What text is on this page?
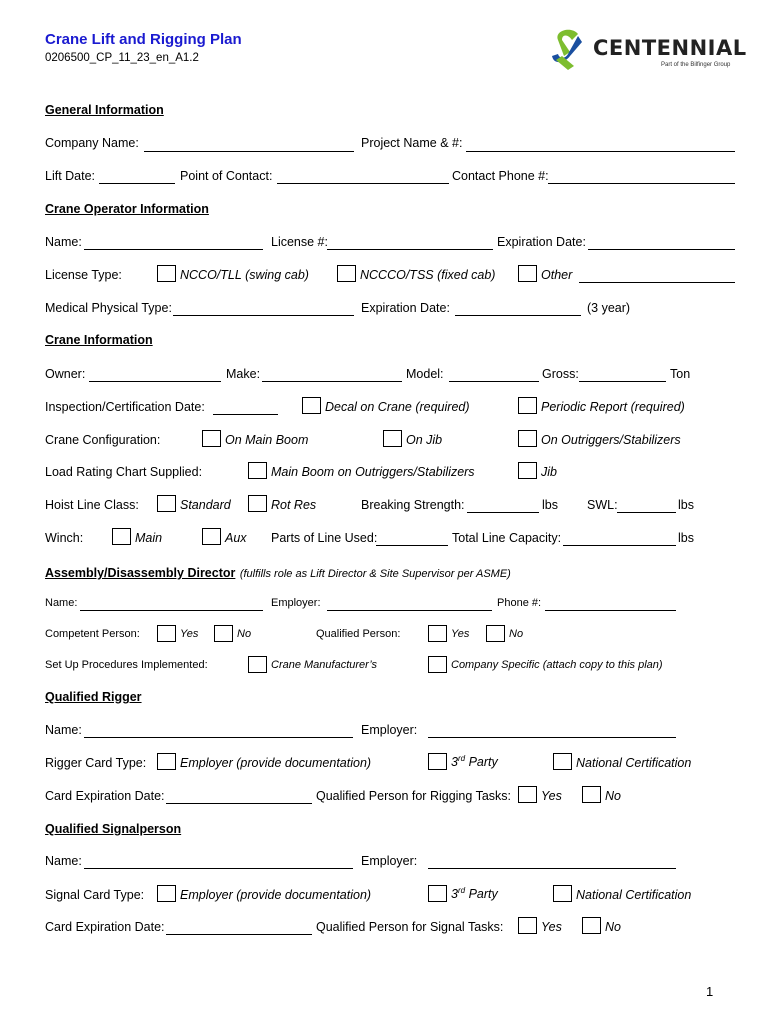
Crane Lift and Rigging Plan
0206500_CP_11_23_en_A1.2	CENTENNIAL
Part of the Bilfinger Group
General Information
Company Name:	Project Name & #:
Lift Date:	Point of Contact:	Contact Phone #:
Crane Operator Information
Name:	License #:	Expiration Date:
License Type:	NCCO/TLL (swing cab)	NCCCO/TSS (fixed cab)	Other
Medical Physical Type:	Expiration Date:	(3 year)
Crane Information
Owner:	Make:	Model:	Gross:	Ton
Inspection/Certification Date:	Decal on Crane (required)	Periodic Report (required)
Crane Configuration:	On Main Boom	On Jib	On Outriggers/Stabilizers
Load Rating Chart Supplied:	Main Boom on Outriggers/Stabilizers	Jib
Hoist Line Class:	Standard	Rot Res	Breaking Strength:	lbs SWL:	lbs
Winch:	Main	Aux Parts of Line Used:	Total Line Capacity:	lbs
Assembly/Disassembly Director (fulfills role as Lift Director & Site Supervisor per ASME)
Name:	Employer:	Phone #:
Competent Person:	Yes	No	Qualified Person:	Yes	No
Set Up Procedures Implemented:	Crane Manufacturer’s	Company Specific (attach copy to this plan)
Qualified Rigger
Name:	Employer:
Rigger Card Type:	Employer (provide documentation)	3rd Party	National Certification
Card Expiration Date:	Qualified Person for Rigging Tasks: Yes	No
Qualified Signalperson
Name:	Employer:
Signal Card Type:	Employer (provide documentation)	3rd Party	National Certification
Card Expiration Date:	Qualified Person for Signal Tasks:	Yes	No
1
